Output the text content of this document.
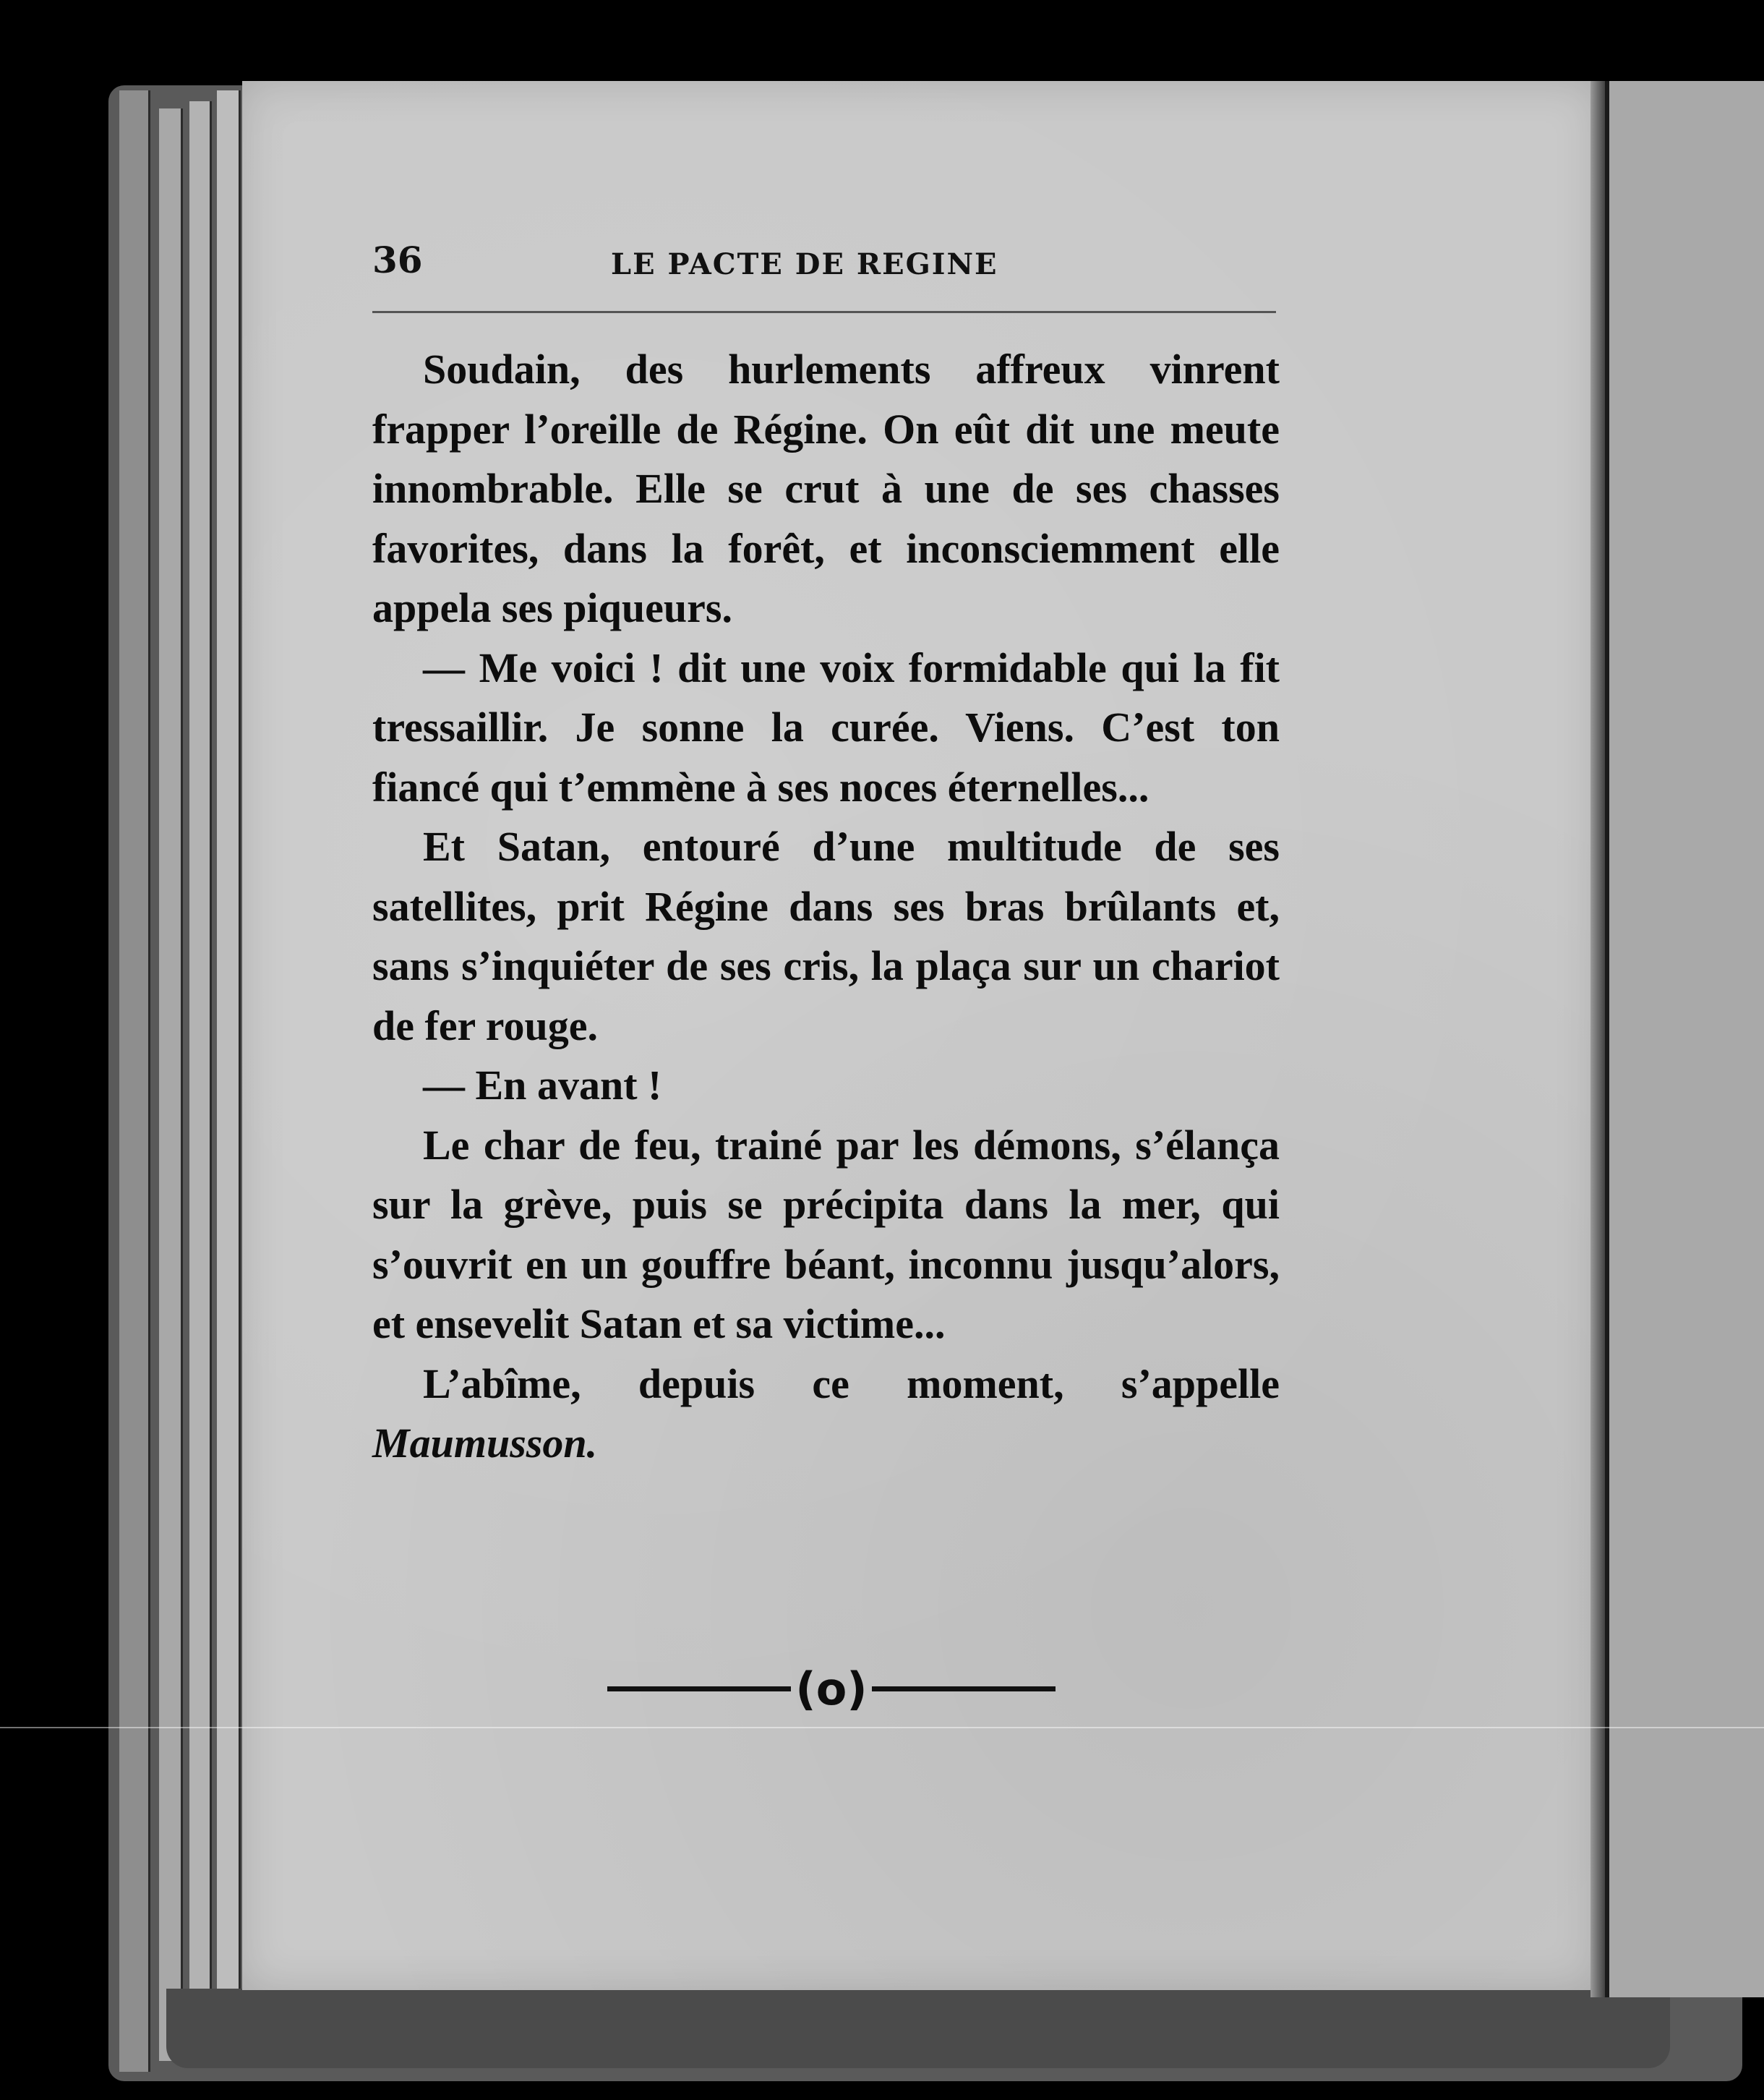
36	LE PACTE DE REGINE

Soudain, des hurlements affreux vinrent frapper l’oreille de Régine. On eût dit une meute innombrable. Elle se crut à une de ses chasses favorites, dans la forêt, et inconsciemment elle appela ses piqueurs.

— Me voici ! dit une voix formidable qui la fit tressaillir. Je sonne la curée. Viens. C’est ton fiancé qui t’emmène à ses noces éternelles...

Et Satan, entouré d’une multitude de ses satellites, prit Régine dans ses bras brûlants et, sans s’inquiéter de ses cris, la plaça sur un chariot de fer rouge.

— En avant !

Le char de feu, trainé par les démons, s’élança sur la grève, puis se précipita dans la mer, qui s’ouvrit en un gouffre béant, inconnu jusqu’alors, et ensevelit Satan et sa victime...

L’abîme, depuis ce moment, s’appelle Maumusson.

(o)
